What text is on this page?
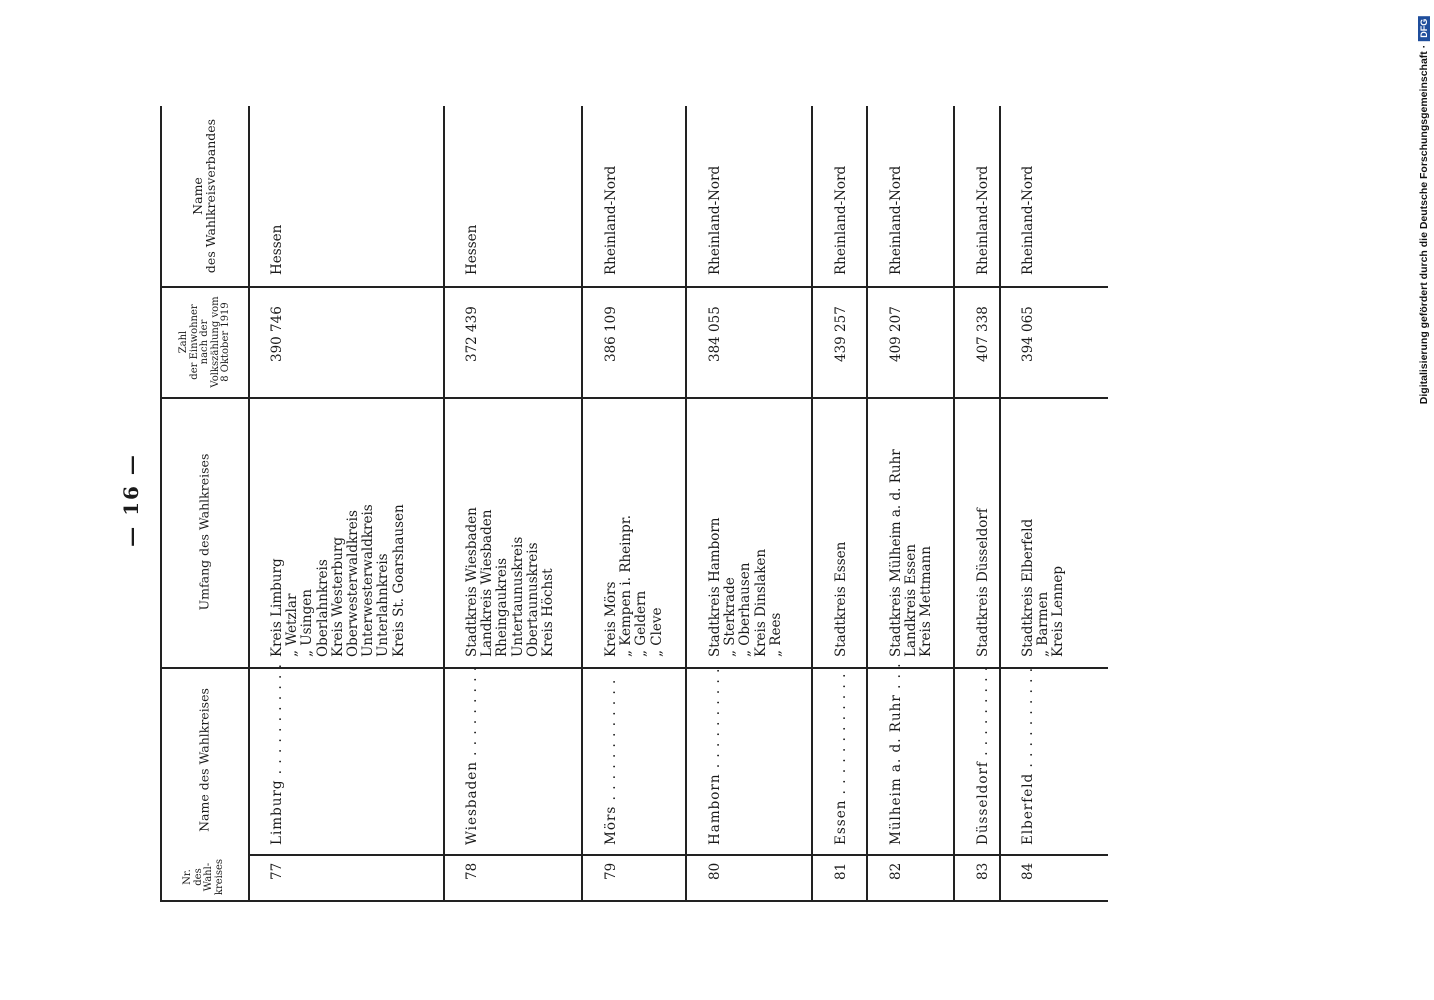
— 16 —
Digitalisierung gefördert durch die Deutsche Forschungsgemeinschaft ·
DFG
Nr. des Wahl- kreises
Name des Wahlkreises
Umfang des Wahlkreises
Zahl der Einwohner nach der Volkszählung vom 8 Oktober 1919
Name
des Wahlkreisverbandes
77
Limburg . . . . . . . . . . .
Kreis Limburg „ Wetzlar „ Usingen Oberlahnkreis Kreis Westerburg Oberwesterwaldkreis Unterwesterwaldkreis Unterlahnkreis Kreis St. Goarshausen
390 746
Hessen
78
Wiesbaden . . . . . . . . .
Stadtkreis Wiesbaden Landkreis Wiesbaden Rheingaukreis Untertaunuskreis Obertaunuskreis Kreis Höchst
372 439
Hessen
79
Mörs . . . . . . . . . . . .
Kreis Mörs „ Kempen i. Rheinpr. „ Geldern „ Cleve
386 109
Rheinland-Nord
80
Hamborn . . . . . . . . . .
Stadtkreis Hamborn „ Sterkrade „ Oberhausen Kreis Dinslaken „ Rees
384 055
Rheinland-Nord
81
Essen . . . . . . . . . . . .
Stadtkreis Essen
439 257
Rheinland-Nord
82
Mülheim a. d. Ruhr . . .
Stadtkreis Mülheim a. d. Ruhr Landkreis Essen Kreis Mettmann
409 207
Rheinland-Nord
83
Düsseldorf . . . . . . . . .
Stadtkreis Düsseldorf
407 338
Rheinland-Nord
84
Elberfeld . . . . . . . . . .
Stadtkreis Elberfeld „ Barmen Kreis Lennep
394 065
Rheinland-Nord
